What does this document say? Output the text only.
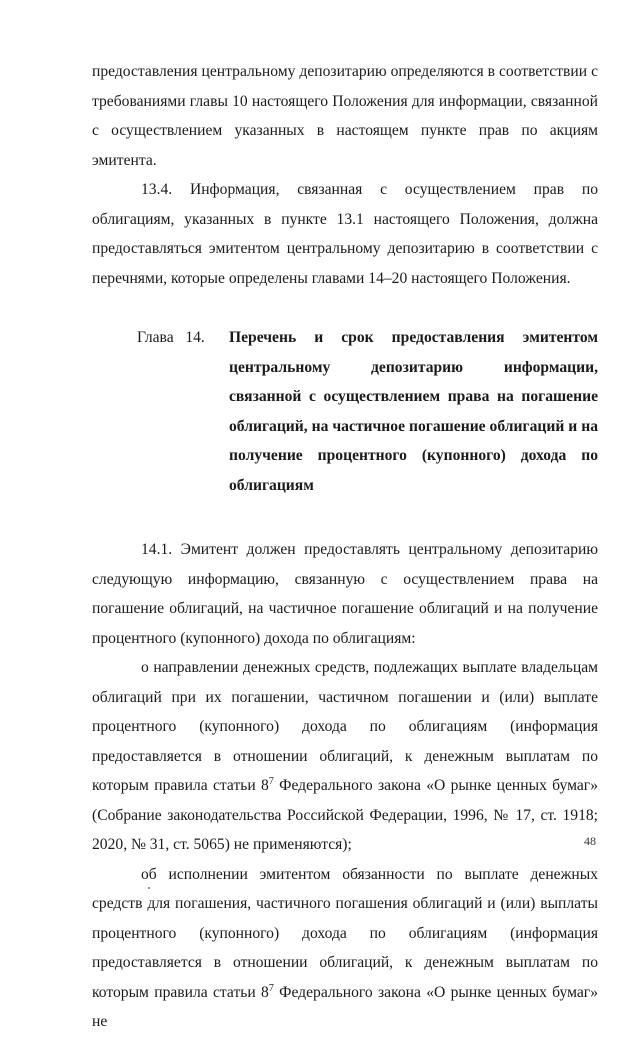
предоставления центральному депозитарию определяются в соответствии с требованиями главы 10 настоящего Положения для информации, связанной с осуществлением указанных в настоящем пункте прав по акциям эмитента.

13.4. Информация, связанная с осуществлением прав по облигациям, указанных в пункте 13.1 настоящего Положения, должна предоставляться эмитентом центральному депозитарию в соответствии с перечнями, которые определены главами 14–20 настоящего Положения.

Глава   14. Перечень и срок предоставления эмитентом центральному депозитарию информации, связанной с осуществлением права на погашение облигаций, на частичное погашение облигаций и на получение процентного (купонного) дохода по облигациям

14.1. Эмитент должен предоставлять центральному депозитарию следующую информацию, связанную с осуществлением права на погашение облигаций, на частичное погашение облигаций и на получение процентного (купонного) дохода по облигациям:

о направлении денежных средств, подлежащих выплате владельцам облигаций при их погашении, частичном погашении и (или) выплате процентного (купонного) дохода по облигациям (информация предоставляется в отношении облигаций, к денежным выплатам по которым правила статьи $8^7$ Федерального закона «О рынке ценных бумаг» (Собрание законодательства Российской Федерации, 1996, № 17, ст. 1918; 2020, № 31, ст. 5065) не применяются);

об исполнении эмитентом обязанности по выплате денежных средств для погашения, частичного погашения облигаций и (или) выплаты процентного (купонного) дохода по облигациям (информация предоставляется в отношении облигаций, к денежным выплатам по которым правила статьи $8^7$ Федерального закона «О рынке ценных бумаг» не

48
